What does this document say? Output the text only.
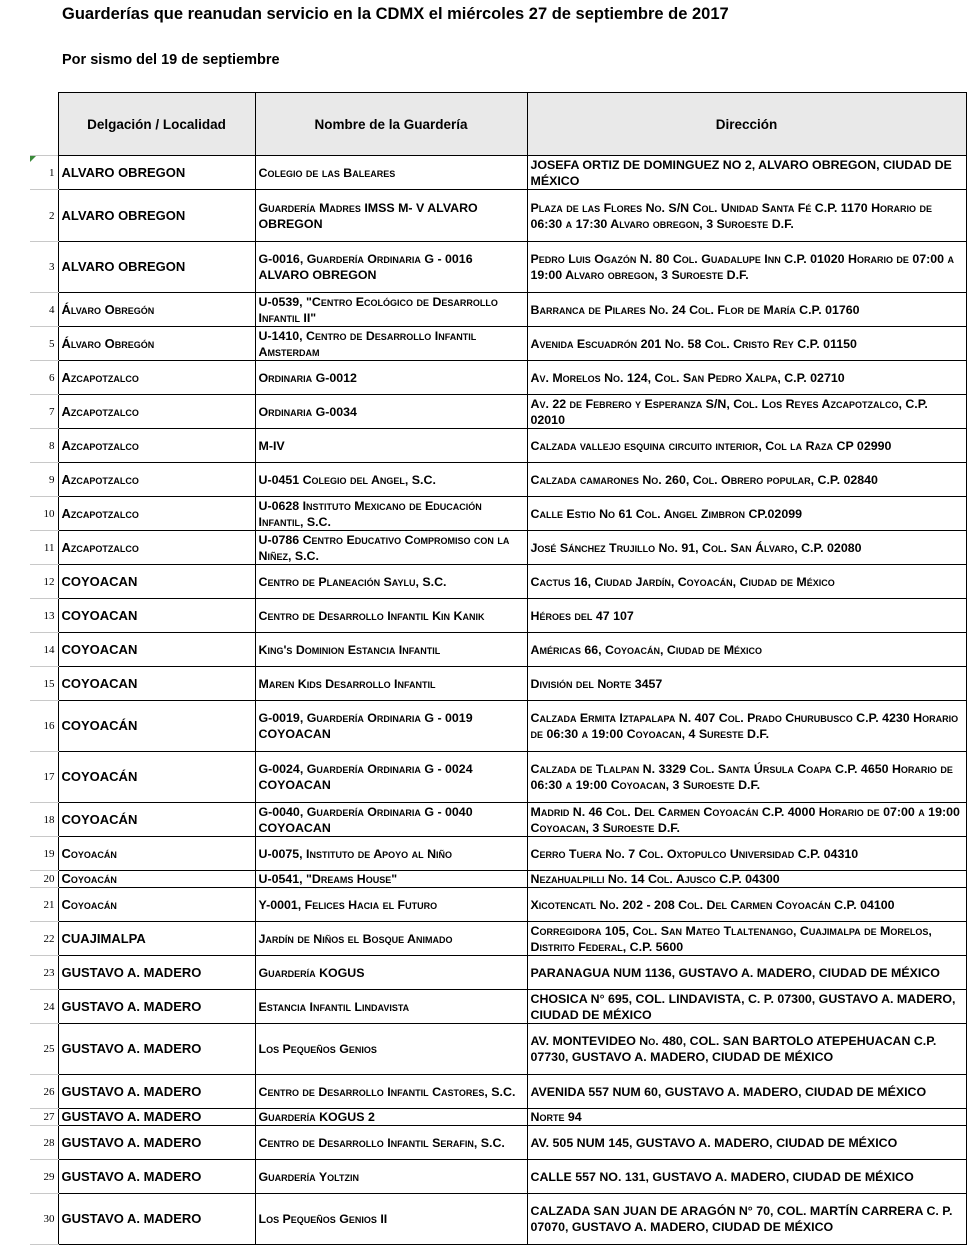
Guarderías que reanudan servicio en la CDMX el miércoles 27 de septiembre de 2017
Por sismo del 19 de septiembre
	Delgación / Localidad	Nombre de la Guardería	Dirección
1	ALVARO OBREGON	Colegio de las Baleares	JOSEFA ORTIZ DE DOMINGUEZ NO 2, ALVARO OBREGON, CIUDAD DE MÉXICO
2	ALVARO OBREGON	Guardería Madres IMSS M- V ALVARO OBREGON	Plaza de las Flores No. S/N Col. Unidad Santa Fé C.P. 1170 Horario de 06:30 a 17:30 Alvaro obregon, 3 Suroeste D.F.
3	ALVARO OBREGON	G-0016, Guardería Ordinaria G - 0016 ALVARO OBREGON	Pedro Luis Ogazón N. 80 Col. Guadalupe Inn C.P. 01020 Horario de 07:00 a 19:00 Alvaro obregon, 3 Suroeste D.F.
4	Álvaro Obregón	U-0539, "Centro Ecológico de Desarrollo Infantil II"	Barranca de Pilares No. 24 Col. Flor de María C.P. 01760
5	Álvaro Obregón	U-1410, Centro de Desarrollo Infantil Amsterdam	Avenida Escuadrón 201 No. 58 Col. Cristo Rey C.P. 01150
6	Azcapotzalco	Ordinaria G-0012	Av. Morelos No. 124, Col. San Pedro Xalpa, C.P. 02710
7	Azcapotzalco	Ordinaria G-0034	Av. 22 de Febrero y Esperanza S/N, Col. Los Reyes Azcapotzalco, C.P. 02010
8	Azcapotzalco	M-IV	Calzada vallejo esquina circuito interior, Col la Raza CP 02990
9	Azcapotzalco	U-0451 Colegio del Angel, S.C.	Calzada camarones No. 260, Col. Obrero popular, C.P. 02840
10	Azcapotzalco	U-0628 Instituto Mexicano de Educación Infantil, S.C.	Calle Estio No 61 Col. Angel Zimbron CP.02099
11	Azcapotzalco	U-0786 Centro Educativo Compromiso con la Niñez, S.C.	José Sánchez Trujillo No. 91, Col. San Álvaro, C.P. 02080
12	COYOACAN	Centro de Planeación Saylu, S.C.	Cactus 16, Ciudad Jardín, Coyoacán, Ciudad de México
13	COYOACAN	Centro de Desarrollo Infantil Kin Kanik	Héroes del 47 107
14	COYOACAN	King's Dominion Estancia Infantil	Américas 66, Coyoacán, Ciudad de México
15	COYOACAN	Maren Kids Desarrollo Infantil	División del Norte 3457
16	COYOACÁN	G-0019, Guardería Ordinaria G - 0019 COYOACAN	Calzada Ermita Iztapalapa N. 407 Col. Prado Churubusco C.P. 4230 Horario de 06:30 a 19:00 Coyoacan, 4 Sureste D.F.
17	COYOACÁN	G-0024, Guardería Ordinaria G - 0024 COYOACAN	Calzada de Tlalpan N. 3329 Col. Santa Úrsula Coapa C.P. 4650 Horario de 06:30 a 19:00 Coyoacan, 3 Suroeste D.F.
18	COYOACÁN	G-0040, Guardería Ordinaria G - 0040 COYOACAN	Madrid N. 46 Col. Del Carmen Coyoacán C.P. 4000 Horario de 07:00 a 19:00 Coyoacan, 3 Suroeste D.F.
19	Coyoacán	U-0075, Instituto de Apoyo al Niño	Cerro Tuera No. 7 Col. Oxtopulco Universidad C.P. 04310
20	Coyoacán	U-0541, "Dreams House"	Nezahualpilli No. 14 Col. Ajusco C.P. 04300
21	Coyoacán	Y-0001, Felices Hacia el Futuro	Xicotencatl No. 202 - 208 Col. Del Carmen Coyoacán C.P. 04100
22	CUAJIMALPA	Jardín de Niños el Bosque Animado	Corregidora 105, Col. San Mateo Tlaltenango, Cuajimalpa de Morelos, Distrito Federal, C.P. 5600
23	GUSTAVO A. MADERO	Guardería KOGUS	PARANAGUA NUM 1136, GUSTAVO A. MADERO, CIUDAD DE MÉXICO
24	GUSTAVO A. MADERO	Estancia Infantil Lindavista	CHOSICA N° 695, COL. LINDAVISTA, C. P. 07300, GUSTAVO A. MADERO, CIUDAD DE MÉXICO
25	GUSTAVO A. MADERO	Los Pequeños Genios	AV. MONTEVIDEO No. 480, COL. SAN BARTOLO ATEPEHUACAN C.P. 07730, GUSTAVO A. MADERO, CIUDAD DE MÉXICO
26	GUSTAVO A. MADERO	Centro de Desarrollo Infantil Castores, S.C.	AVENIDA 557 NUM 60, GUSTAVO A. MADERO, CIUDAD DE MÉXICO
27	GUSTAVO A. MADERO	Guardería KOGUS 2	Norte 94
28	GUSTAVO A. MADERO	Centro de Desarrollo Infantil Serafin, S.C.	AV. 505 NUM 145, GUSTAVO A. MADERO, CIUDAD DE MÉXICO
29	GUSTAVO A. MADERO	Guardería Yoltzin	CALLE 557 NO. 131, GUSTAVO A. MADERO, CIUDAD DE MÉXICO
30	GUSTAVO A. MADERO	Los Pequeños Genios II	CALZADA SAN JUAN DE ARAGÓN N° 70, COL. MARTÍN CARRERA C. P. 07070, GUSTAVO A. MADERO, CIUDAD DE MÉXICO
